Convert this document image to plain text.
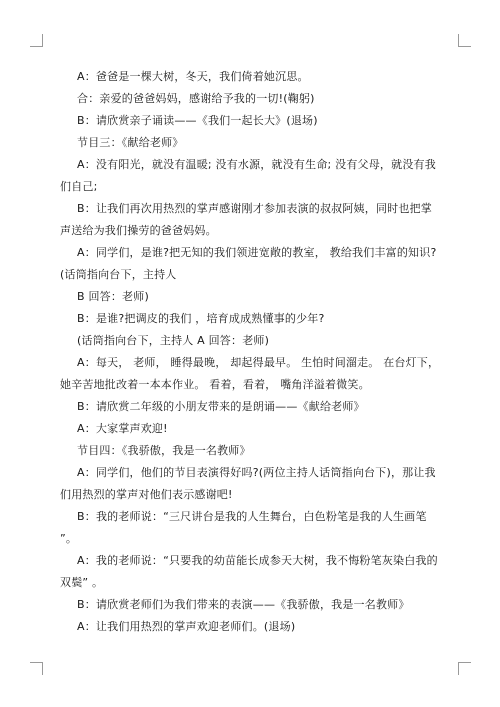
A：爸爸是一棵大树，冬天，我们倚着她沉思。

合：亲爱的爸爸妈妈，感谢给予我的一切!(鞠躬)

B：请欣赏亲子诵读——《我们一起长大》(退场)

节目三：《献给老师》

A：没有阳光，就没有温暖; 没有水源，就没有生命; 没有父母，就没有我们自己;

B：让我们再次用热烈的掌声感谢刚才参加表演的叔叔阿姨，同时也把掌声送给为我们操劳的爸爸妈妈。

A：同学们，是谁?把无知的我们领进宽敞的教室， 教给我们丰富的知识? (话筒指向台下，主持人

B 回答：老师)

B：是谁?把调皮的我们 ，培育成成熟懂事的少年?

(话筒指向台下，主持人 A 回答：老师)

A：每天， 老师， 睡得最晚， 却起得最早。 生怕时间溜走。 在台灯下， 她辛苦地批改着一本本作业。 看着，看着， 嘴角洋溢着微笑。

B：请欣赏二年级的小朋友带来的是朗诵——《献给老师》

A：大家掌声欢迎!

节目四：《我骄傲，我是一名教师》

A：同学们，他们的节目表演得好吗?(两位主持人话筒指向台下)，那让我们用热烈的掌声对他们表示感谢吧!

B：我的老师说：“三尺讲台是我的人生舞台，白色粉笔是我的人生画笔 ”。

A：我的老师说：“只要我的幼苗能长成参天大树，我不悔粉笔灰染白我的双鬓” 。

B：请欣赏老师们为我们带来的表演——《我骄傲，我是一名教师》

A：让我们用热烈的掌声欢迎老师们。(退场)
